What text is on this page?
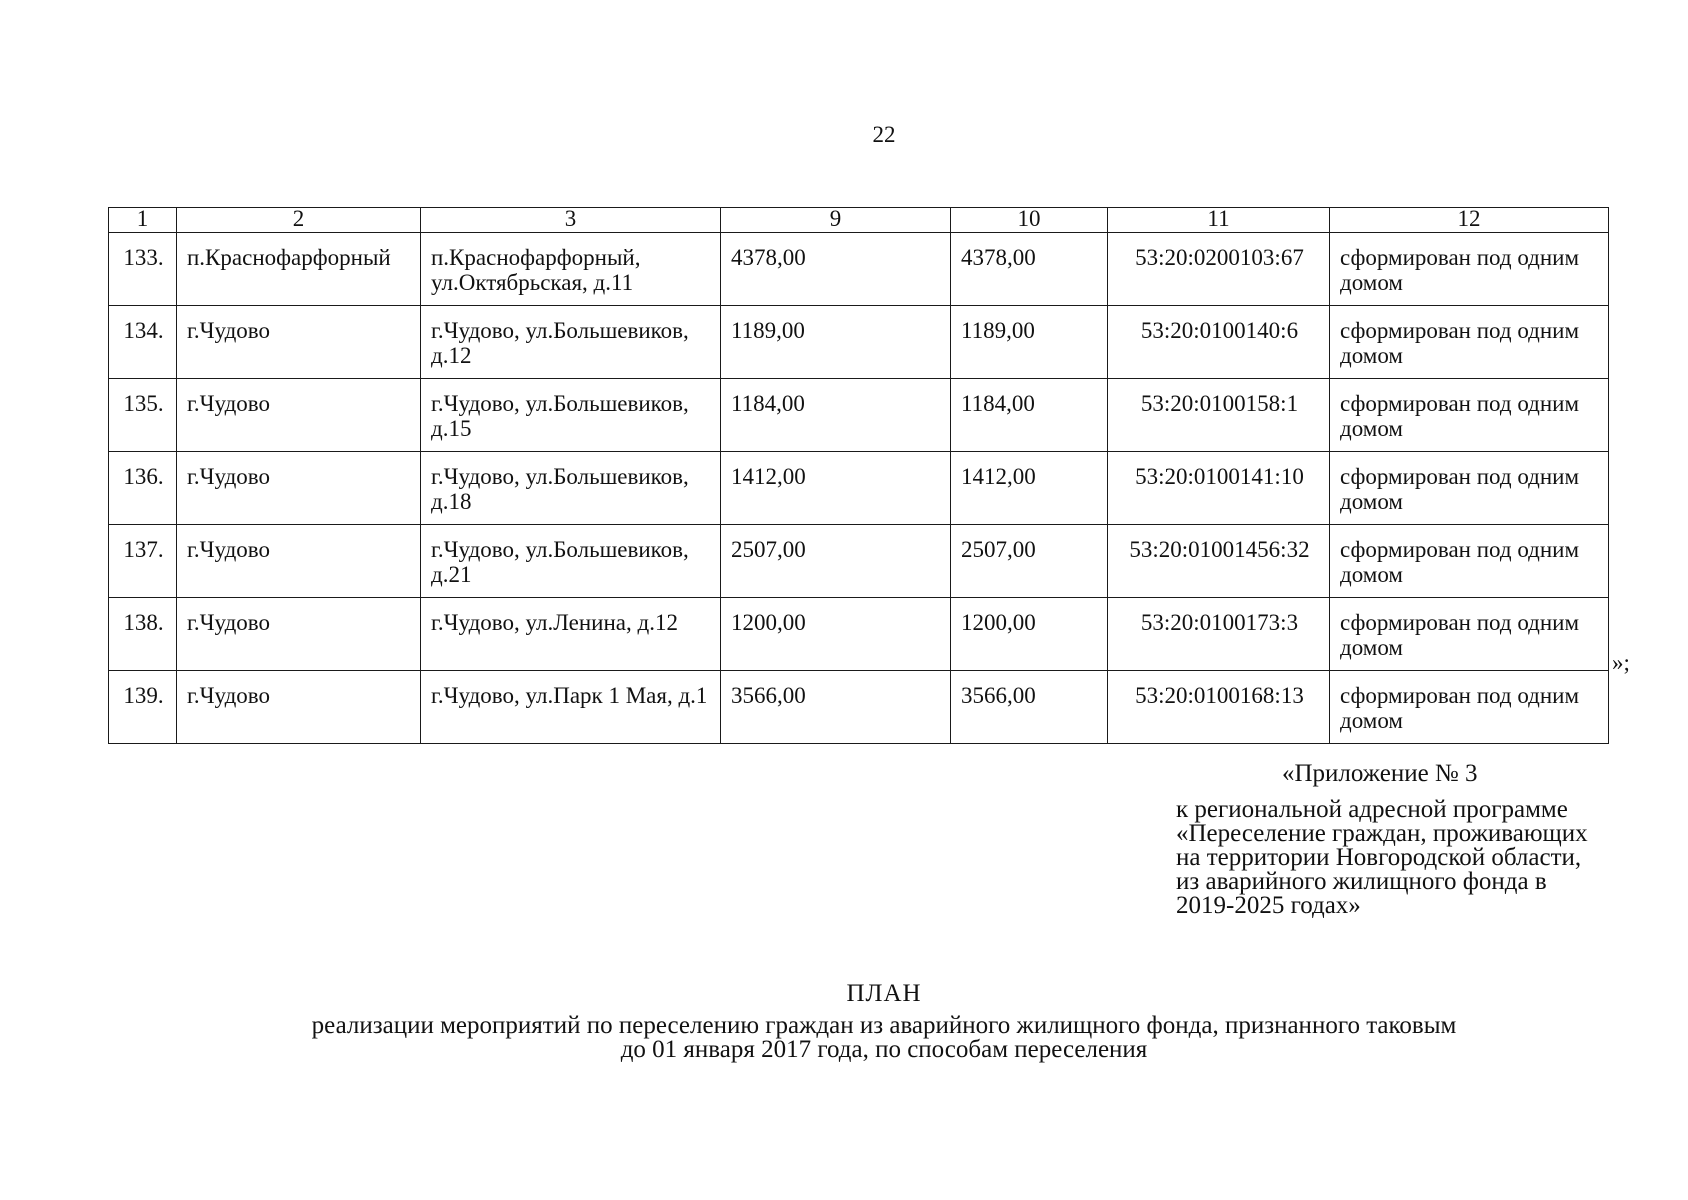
22
1	2	3	9	10	11	12
133.	п.Краснофарфорный	п.Краснофарфорный, ул.Октябрьская, д.11	4378,00	4378,00	53:20:0200103:67	сформирован под одним домом
134.	г.Чудово	г.Чудово, ул.Большевиков, д.12	1189,00	1189,00	53:20:0100140:6	сформирован под одним домом
135.	г.Чудово	г.Чудово, ул.Большевиков, д.15	1184,00	1184,00	53:20:0100158:1	сформирован под одним домом
136.	г.Чудово	г.Чудово, ул.Большевиков, д.18	1412,00	1412,00	53:20:0100141:10	сформирован под одним домом
137.	г.Чудово	г.Чудово, ул.Большевиков, д.21	2507,00	2507,00	53:20:01001456:32	сформирован под одним домом
138.	г.Чудово	г.Чудово, ул.Ленина, д.12	1200,00	1200,00	53:20:0100173:3	сформирован под одним домом
139.	г.Чудово	г.Чудово, ул.Парк 1 Мая, д.1	3566,00	3566,00	53:20:0100168:13	сформирован под одним домом
»;
«Приложение № 3
к региональной адресной программе
«Переселение граждан, проживающих
на территории Новгородской области,
из аварийного жилищного фонда в
2019-2025 годах»
ПЛАН
реализации мероприятий по переселению граждан из аварийного жилищного фонда, признанного таковым
до 01 января 2017 года, по способам переселения
